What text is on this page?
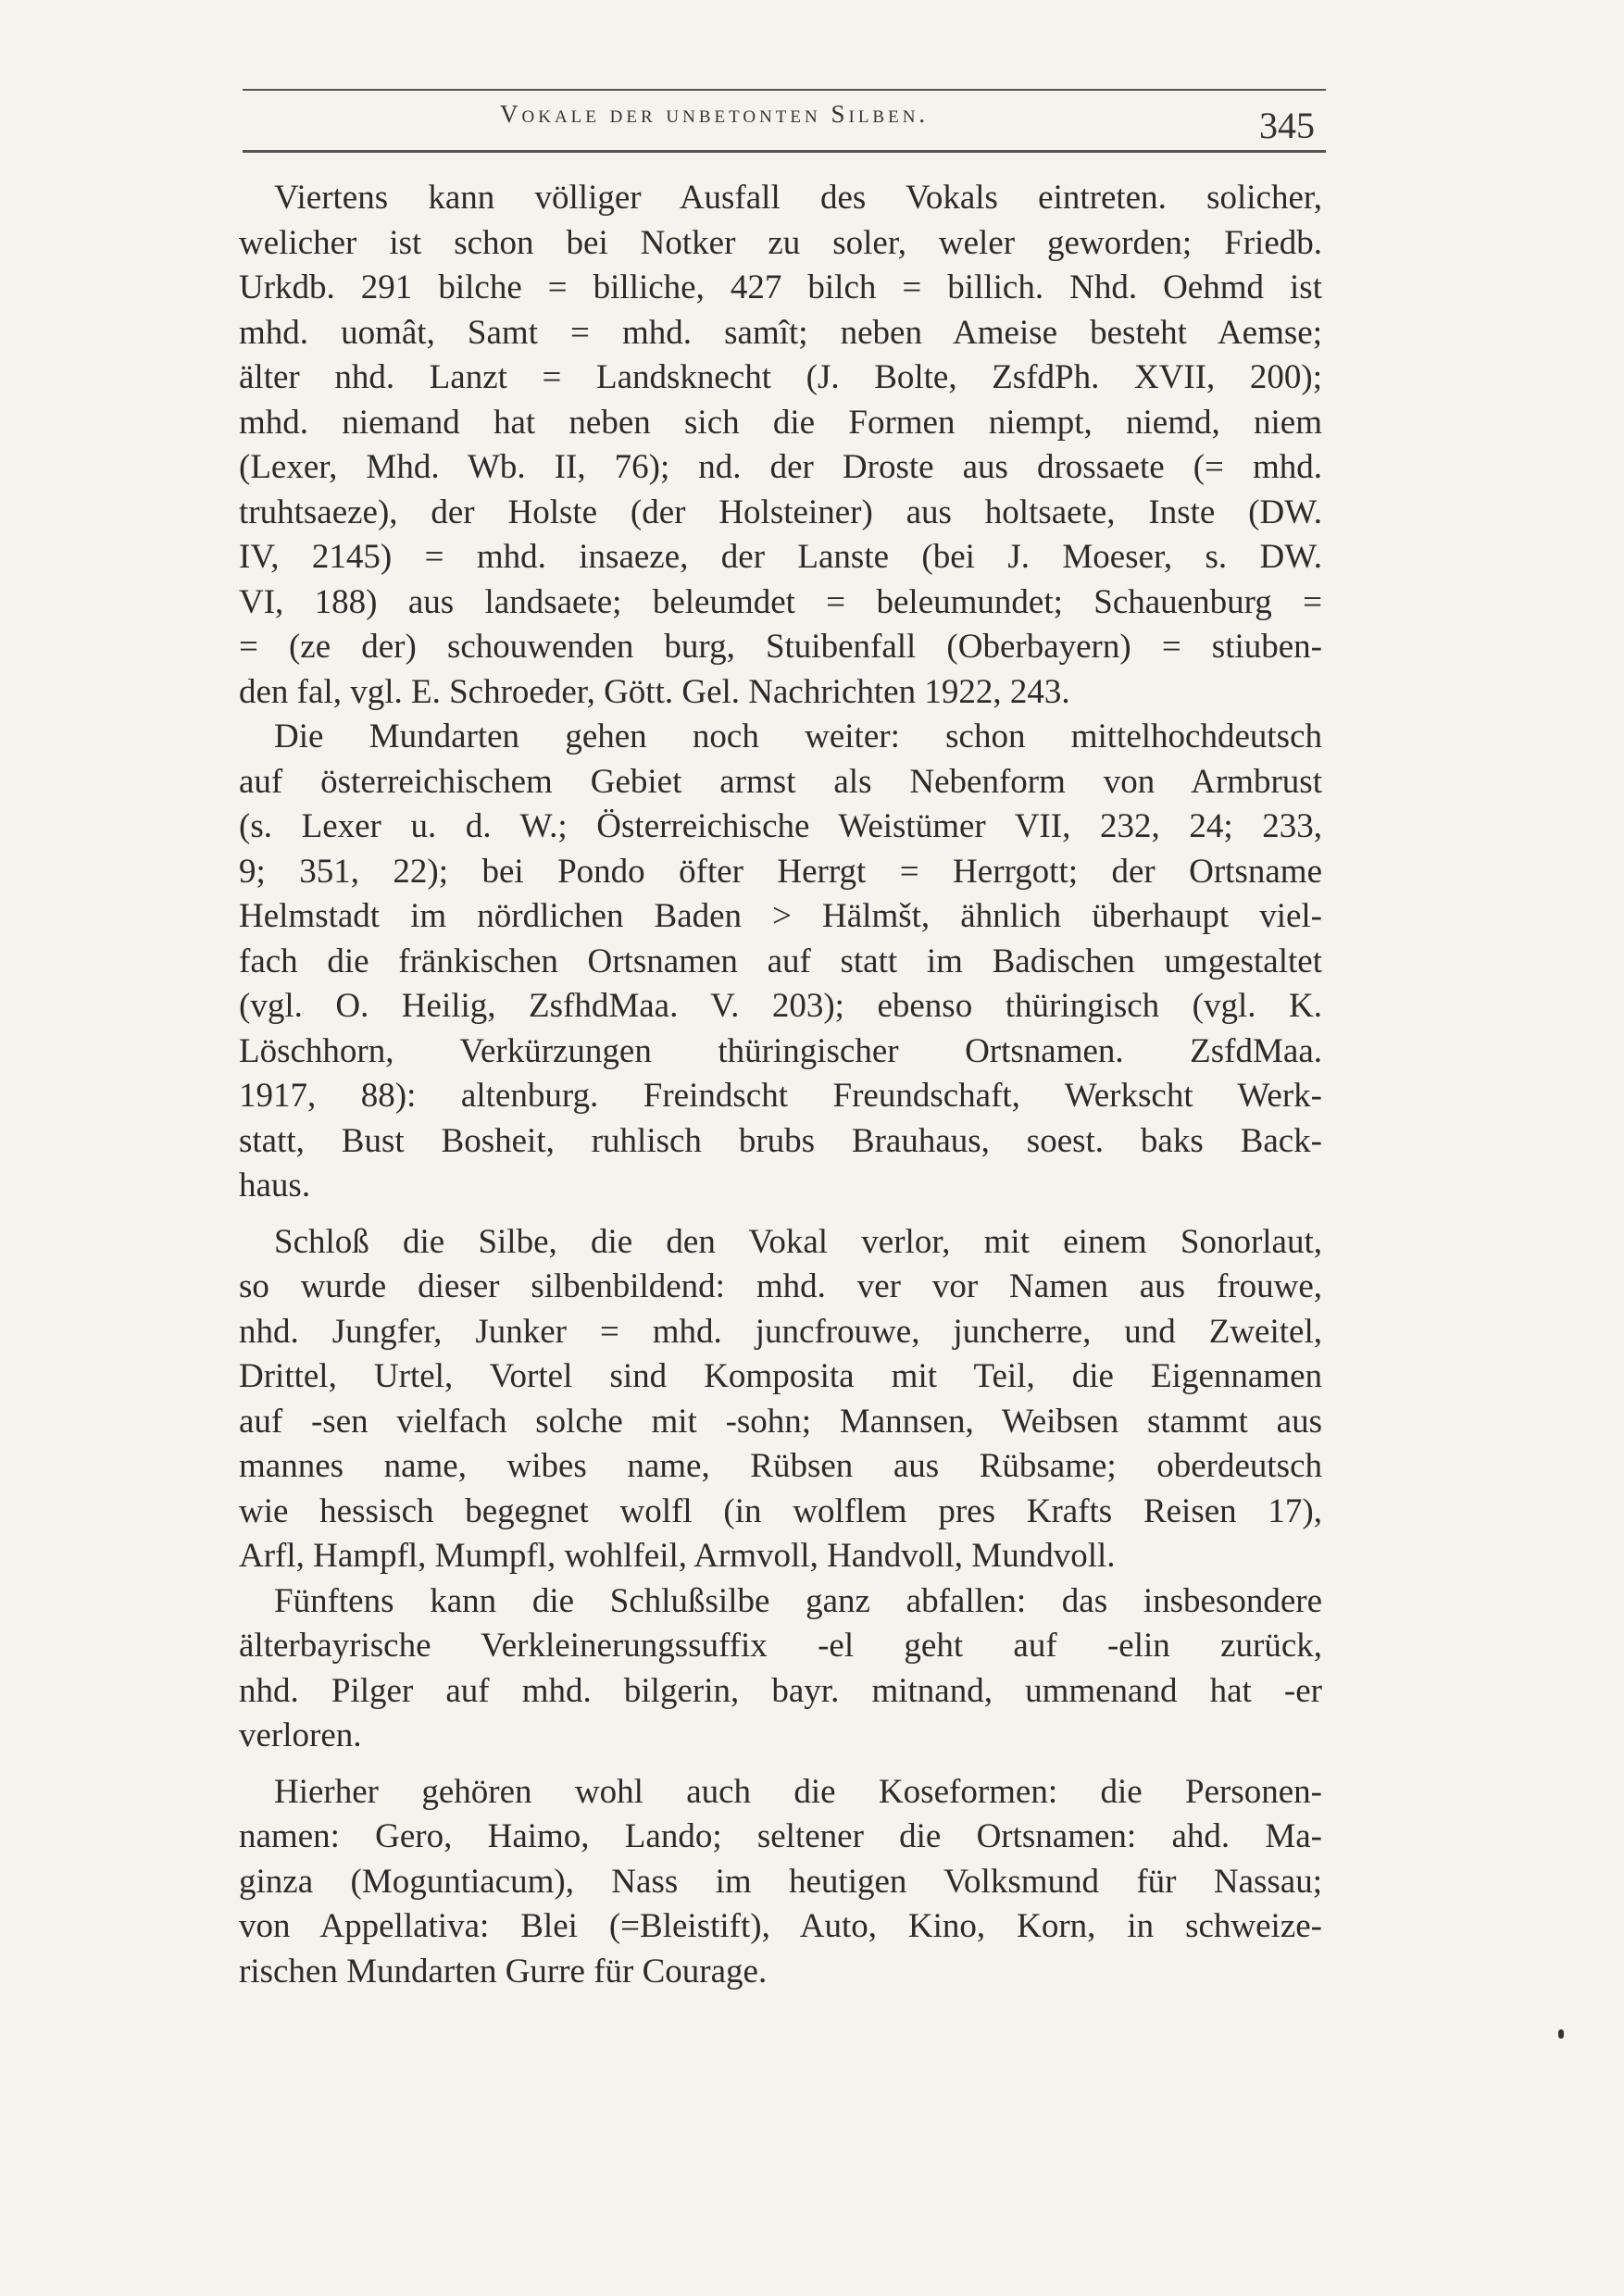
Vokale der unbetonten Silben.	345
Viertens kann völliger Ausfall des Vokals eintreten. solicher,
welicher ist schon bei Notker zu soler, weler geworden; Friedb.
Urkdb. 291 bilche = billiche, 427 bilch = billich. Nhd. Oehmd ist
mhd. uomât, Samt = mhd. samît; neben Ameise besteht Aemse;
älter nhd. Lanzt = Landsknecht (J. Bolte, ZsfdPh. XVII, 200);
mhd. niemand hat neben sich die Formen niempt, niemd, niem
(Lexer, Mhd. Wb. II, 76); nd. der Droste aus drossaete (= mhd.
truhtsaeze), der Holste (der Holsteiner) aus holtsaete, Inste (DW.
IV, 2145) = mhd. insaeze, der Lanste (bei J. Moeser, s. DW.
VI, 188) aus landsaete; beleumdet = beleumundet; Schauenburg =
= (ze der) schouwenden burg, Stuibenfall (Oberbayern) = stiuben-
den fal, vgl. E. Schroeder, Gött. Gel. Nachrichten 1922, 243.
Die Mundarten gehen noch weiter: schon mittelhochdeutsch
auf österreichischem Gebiet armst als Nebenform von Armbrust
(s. Lexer u. d. W.; Österreichische Weistümer VII, 232, 24; 233,
9; 351, 22); bei Pondo öfter Herrgt = Herrgott; der Ortsname
Helmstadt im nördlichen Baden > Hälmšt, ähnlich überhaupt viel-
fach die fränkischen Ortsnamen auf statt im Badischen umgestaltet
(vgl. O. Heilig, ZsfhdMaa. V. 203); ebenso thüringisch (vgl. K.
Löschhorn, Verkürzungen thüringischer Ortsnamen. ZsfdMaa.
1917, 88): altenburg. Freindscht Freundschaft, Werkscht Werk-
statt, Bust Bosheit, ruhlisch brubs Brauhaus, soest. baks Back-
haus.
Schloß die Silbe, die den Vokal verlor, mit einem Sonorlaut,
so wurde dieser silbenbildend: mhd. ver vor Namen aus frouwe,
nhd. Jungfer, Junker = mhd. juncfrouwe, juncherre, und Zweitel,
Drittel, Urtel, Vortel sind Komposita mit Teil, die Eigennamen
auf -sen vielfach solche mit -sohn; Mannsen, Weibsen stammt aus
mannes name, wibes name, Rübsen aus Rübsame; oberdeutsch
wie hessisch begegnet wolfl (in wolflem pres Krafts Reisen 17),
Arfl, Hampfl, Mumpfl, wohlfeil, Armvoll, Handvoll, Mundvoll.
Fünftens kann die Schlußsilbe ganz abfallen: das insbesondere
älterbayrische Verkleinerungssuffix -el geht auf -elin zurück,
nhd. Pilger auf mhd. bilgerin, bayr. mitnand, ummenand hat -er
verloren.
Hierher gehören wohl auch die Koseformen: die Personen-
namen: Gero, Haimo, Lando; seltener die Ortsnamen: ahd. Ma-
ginza (Moguntiacum), Nass im heutigen Volksmund für Nassau;
von Appellativa: Blei (=Bleistift), Auto, Kino, Korn, in schweize-
rischen Mundarten Gurre für Courage.
